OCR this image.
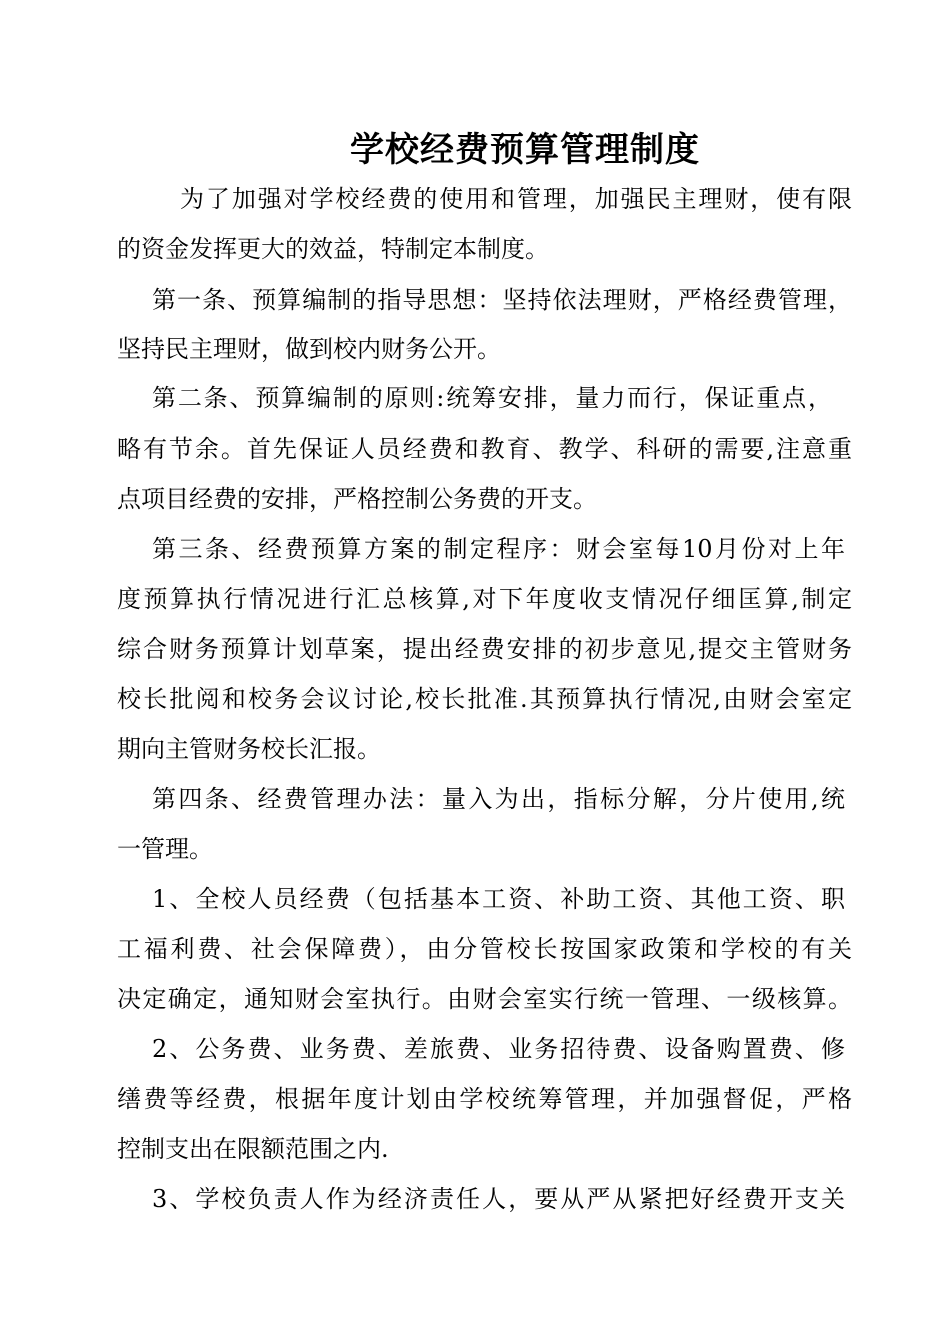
学校经费预算管理制度
为了加强对学校经费的使用和管理，加强民主理财，使有限
的资金发挥更大的效益，特制定本制度。
第一条、预算编制的指导思想：坚持依法理财，严格经费管理，
坚持民主理财，做到校内财务公开。
第二条、预算编制的原则:统筹安排，量力而行，保证重点，
略有节余。首先保证人员经费和教育、教学、科研的需要,注意重
点项目经费的安排，严格控制公务费的开支。
第三条、经费预算方案的制定程序：财会室每10月份对上年
度预算执行情况进行汇总核算,对下年度收支情况仔细匡算,制定
综合财务预算计划草案，提出经费安排的初步意见,提交主管财务
校长批阅和校务会议讨论,校长批准.其预算执行情况,由财会室定
期向主管财务校长汇报。
第四条、经费管理办法：量入为出，指标分解，分片使用,统
一管理。
1、全校人员经费（包括基本工资、补助工资、其他工资、职
工福利费、社会保障费），由分管校长按国家政策和学校的有关
决定确定，通知财会室执行。由财会室实行统一管理、一级核算。
2、公务费、业务费、差旅费、业务招待费、设备购置费、修
缮费等经费，根据年度计划由学校统筹管理，并加强督促，严格
控制支出在限额范围之内.
3、学校负责人作为经济责任人，要从严从紧把好经费开支关
